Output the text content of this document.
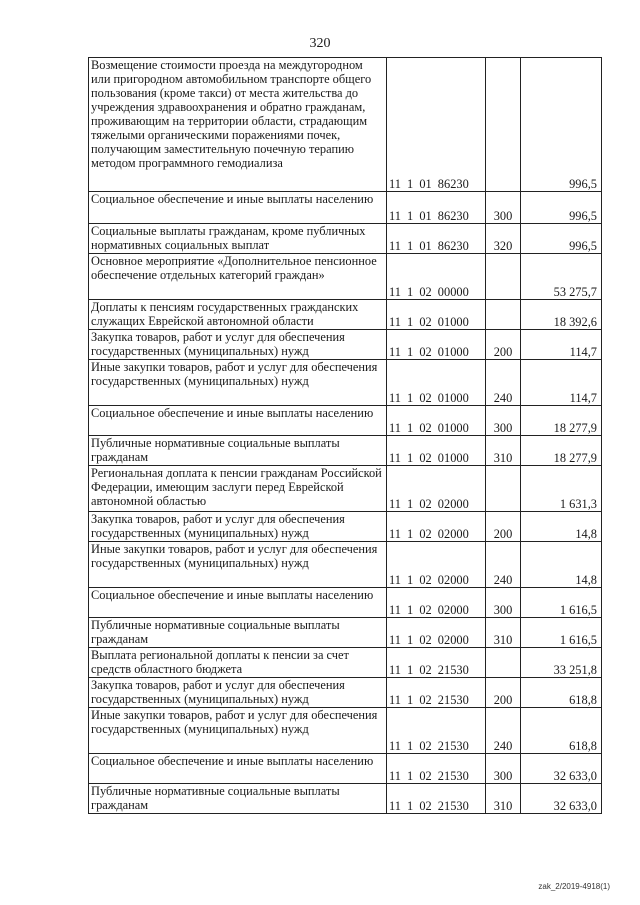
320
Возмещение стоимости проезда на междугородном или пригородном автомобильном транспорте общего пользования (кроме такси) от места жительства до учреждения здравоохранения и обратно гражданам, проживающим на территории области, страдающим тяжелыми органическими поражениями почек, получающим заместительную почечную терапию методом программного гемодиализа	11 1 01 86230		996,5
Социальное обеспечение и иные выплаты населению	11 1 01 86230	300	996,5
Социальные выплаты гражданам, кроме публичных нормативных социальных выплат	11 1 01 86230	320	996,5
Основное мероприятие «Дополнительное пенсионное обеспечение отдельных категорий граждан»	11 1 02 00000		53 275,7
Доплаты к пенсиям государственных гражданских служащих Еврейской автономной области	11 1 02 01000		18 392,6
Закупка товаров, работ и услуг для обеспечения государственных (муниципальных) нужд	11 1 02 01000	200	114,7
Иные закупки товаров, работ и услуг для обеспечения государственных (муниципальных) нужд	11 1 02 01000	240	114,7
Социальное обеспечение и иные выплаты населению	11 1 02 01000	300	18 277,9
Публичные нормативные социальные выплаты гражданам	11 1 02 01000	310	18 277,9
Региональная доплата к пенсии гражданам Российской Федерации, имеющим заслуги перед Еврейской автономной областью	11 1 02 02000		1 631,3
Закупка товаров, работ и услуг для обеспечения государственных (муниципальных) нужд	11 1 02 02000	200	14,8
Иные закупки товаров, работ и услуг для обеспечения государственных (муниципальных) нужд	11 1 02 02000	240	14,8
Социальное обеспечение и иные выплаты населению	11 1 02 02000	300	1 616,5
Публичные нормативные социальные выплаты гражданам	11 1 02 02000	310	1 616,5
Выплата региональной доплаты к пенсии за счет средств областного бюджета	11 1 02 21530		33 251,8
Закупка товаров, работ и услуг для обеспечения государственных (муниципальных) нужд	11 1 02 21530	200	618,8
Иные закупки товаров, работ и услуг для обеспечения государственных (муниципальных) нужд	11 1 02 21530	240	618,8
Социальное обеспечение и иные выплаты населению	11 1 02 21530	300	32 633,0
Публичные нормативные социальные выплаты гражданам	11 1 02 21530	310	32 633,0
zak_2/2019-4918(1)
